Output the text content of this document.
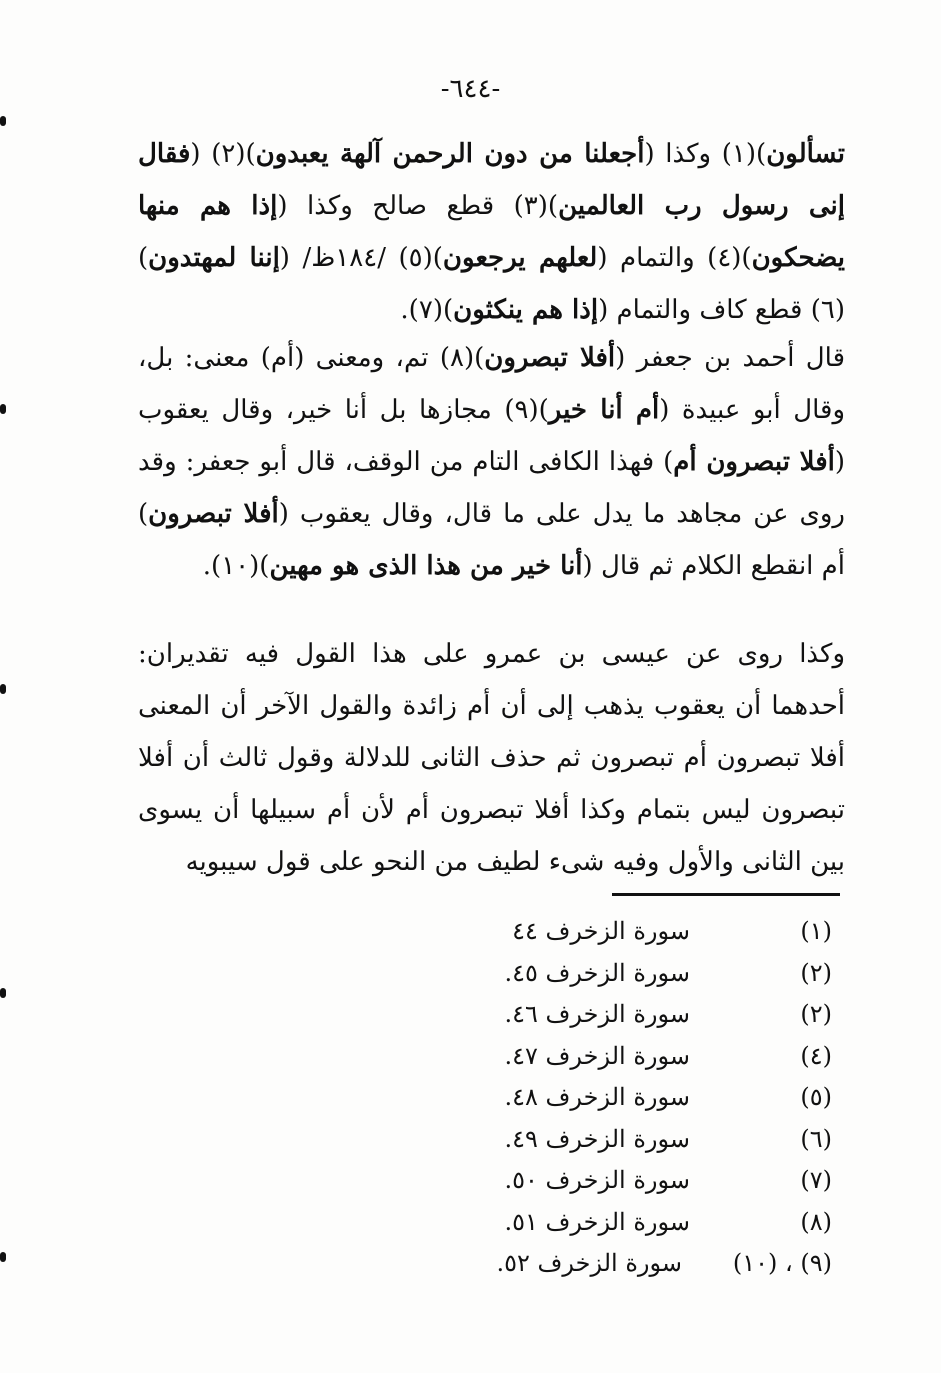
-٦٤٤-
تسألون)(١) وكذا (أجعلنا من دون الرحمن آلهة يعبدون)(٢) (فقال إنى رسول رب العالمين)(٣) قطع صالح وكذا (إذا هم منها يضحكون)(٤) والتمام (لعلهم يرجعون)(٥) /١٨٤ظ/ (إننا لمهتدون)(٦) قطع كاف والتمام (إذا هم ينكثون)(٧).
قال أحمد بن جعفر (أفلا تبصرون)(٨) تم، ومعنى (أم) معنى: بل، وقال أبو عبيدة (أم أنا خير)(٩) مجازها بل أنا خير، وقال يعقوب (أفلا تبصرون أم) فهذا الكافى التام من الوقف، قال أبو جعفر: وقد روى عن مجاهد ما يدل على ما قال، وقال يعقوب (أفلا تبصرون) أم انقطع الكلام ثم قال (أنا خير من هذا الذى هو مهين)(١٠).
وكذا روى عن عيسى بن عمرو على هذا القول فيه تقديران: أحدهما أن يعقوب يذهب إلى أن أم زائدة والقول الآخر أن المعنى أفلا تبصرون أم تبصرون ثم حذف الثانى للدلالة وقول ثالث أن أفلا تبصرون ليس بتمام وكذا أفلا تبصرون أم لأن أم سبيلها أن يسوى بين الثانى والأول وفيه شىء لطيف من النحو على قول سيبويه
(١)
سورة الزخرف ٤٤
(٢)
سورة الزخرف ٤٥.
(٢)
سورة الزخرف ٤٦.
(٤)
سورة الزخرف ٤٧.
(٥)
سورة الزخرف ٤٨.
(٦)
سورة الزخرف ٤٩.
(٧)
سورة الزخرف ٥٠.
(٨)
سورة الزخرف ٥١.
(٩) ، (١٠)
سورة الزخرف ٥٢.
